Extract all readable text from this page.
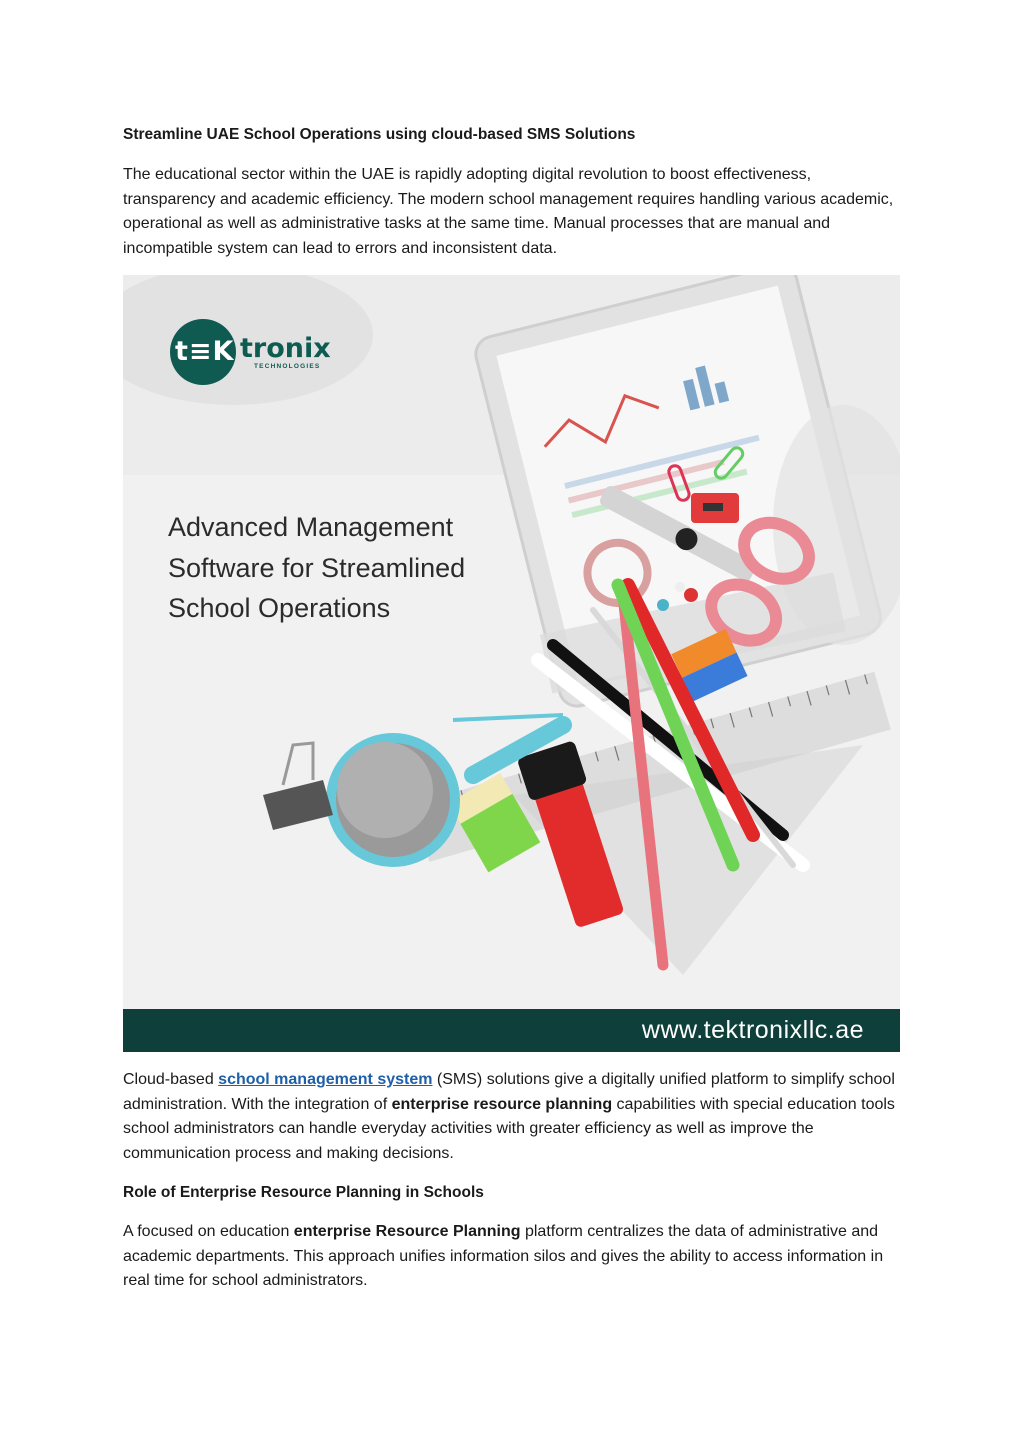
Streamline UAE School Operations using cloud-based SMS Solutions
The educational sector within the UAE is rapidly adopting digital revolution to boost effectiveness, transparency and academic efficiency. The modern school management requires handling various academic, operational as well as administrative tasks at the same time. Manual processes that are manual and incompatible system can lead to errors and inconsistent data.
t≡K tronix
TECHNOLOGIES
Advanced Management Software for Streamlined School Operations
www.tektronixllc.ae
Cloud-based school management system (SMS) solutions give a digitally unified platform to simplify school administration. With the integration of enterprise resource planning capabilities with special education tools school administrators can handle everyday activities with greater efficiency as well as improve the communication process and making decisions.
Role of Enterprise Resource Planning in Schools
A focused on education enterprise Resource Planning platform centralizes the data of administrative and academic departments. This approach unifies information silos and gives the ability to access information in real time for school administrators.
